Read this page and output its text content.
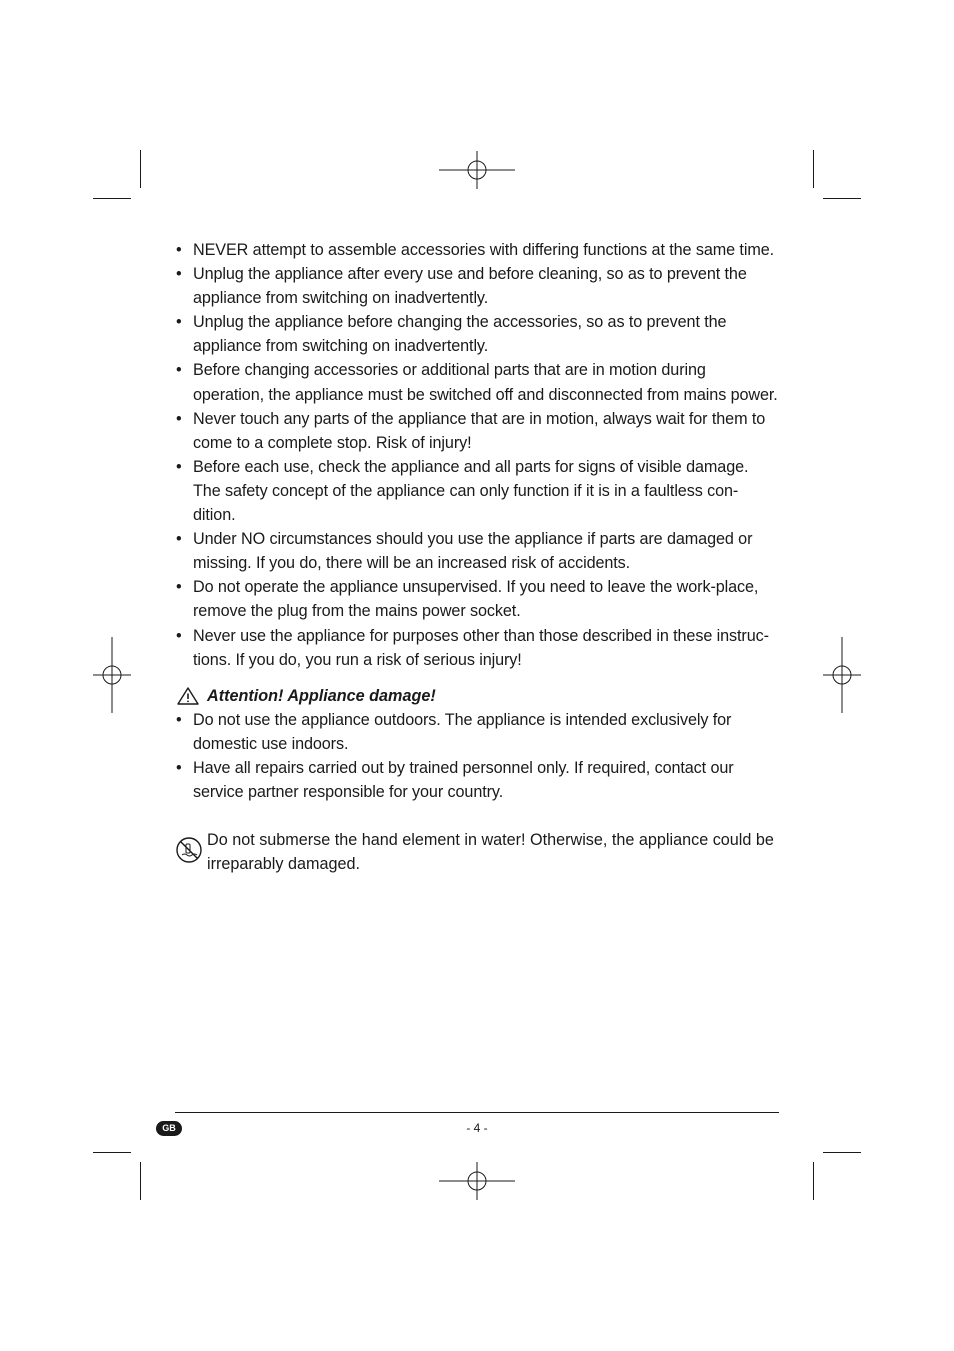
• NEVER attempt to assemble accessories with differing functions at the same time.
• Unplug the appliance after every use and before cleaning, so as to prevent the appliance from switching on inadvertently.
• Unplug the appliance before changing the accessories, so as to prevent the appliance from switching on inadvertently.
• Before changing accessories or additional parts that are in motion during operation, the appliance must be switched off and disconnected from mains power.
• Never touch any parts of the appliance that are in motion, always wait for them to come to a complete stop. Risk of injury!
• Before each use, check the appliance and all parts for signs of visible damage. The safety concept of the appliance can only function if it is in a faultless con-dition.
• Under NO circumstances should you use the appliance if parts are damaged or missing. If you do, there will be an increased risk of accidents.
• Do not operate the appliance unsupervised. If you need to leave the work-place, remove the plug from the mains power socket.
• Never use the appliance for purposes other than those described in these instruc-tions. If you do, you run a risk of serious injury!
Attention! Appliance damage!
• Do not use the appliance outdoors. The appliance is intended exclusively for domestic use indoors.
• Have all repairs carried out by trained personnel only. If required, contact our service partner responsible for your country.
Do not submerse the hand element in water! Otherwise, the appliance could be irreparably damaged.
GB	- 4 -
